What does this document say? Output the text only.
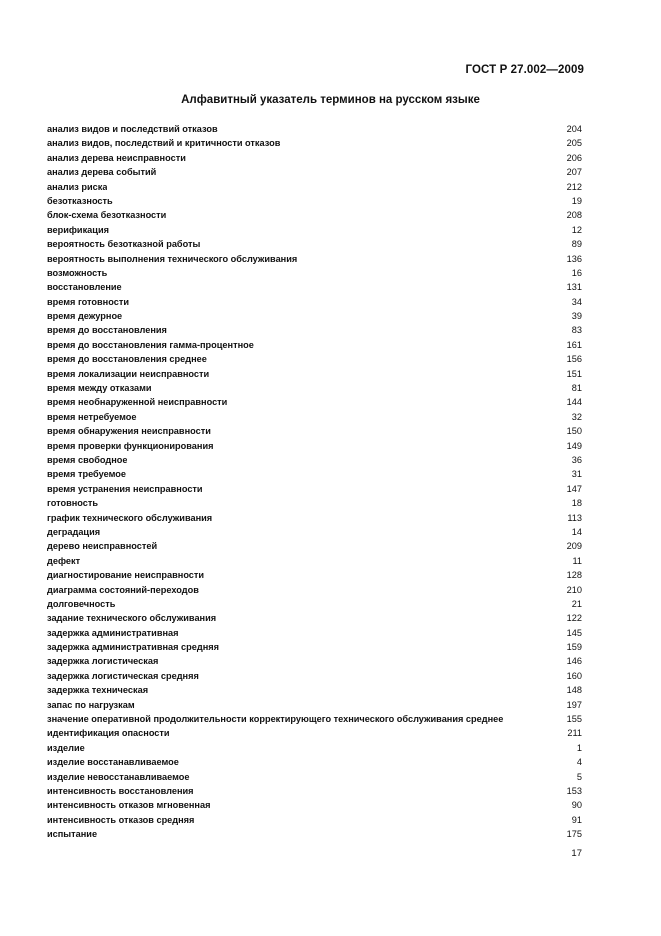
ГОСТ Р 27.002—2009
Алфавитный указатель терминов на русском языке
анализ видов и последствий отказов	204
анализ видов, последствий и критичности отказов	205
анализ дерева неисправности	206
анализ дерева событий	207
анализ риска	212
безотказность	19
блок-схема безотказности	208
верификация	12
вероятность безотказной работы	89
вероятность выполнения технического обслуживания	136
возможность	16
восстановление	131
время готовности	34
время дежурное	39
время до восстановления	83
время до восстановления гамма-процентное	161
время до восстановления среднее	156
время локализации неисправности	151
время между отказами	81
время необнаруженной неисправности	144
время нетребуемое	32
время обнаружения неисправности	150
время проверки функционирования	149
время свободное	36
время требуемое	31
время устранения неисправности	147
готовность	18
график технического обслуживания	113
деградация	14
дерево неисправностей	209
дефект	11
диагностирование неисправности	128
диаграмма состояний-переходов	210
долговечность	21
задание технического обслуживания	122
задержка административная	145
задержка административная средняя	159
задержка логистическая	146
задержка логистическая средняя	160
задержка техническая	148
запас по нагрузкам	197
значение оперативной продолжительности корректирующего технического обслуживания среднее	155
идентификация опасности	211
изделие	1
изделие восстанавливаемое	4
изделие невосстанавливаемое	5
интенсивность восстановления	153
интенсивность отказов мгновенная	90
интенсивность отказов средняя	91
испытание	175
17
